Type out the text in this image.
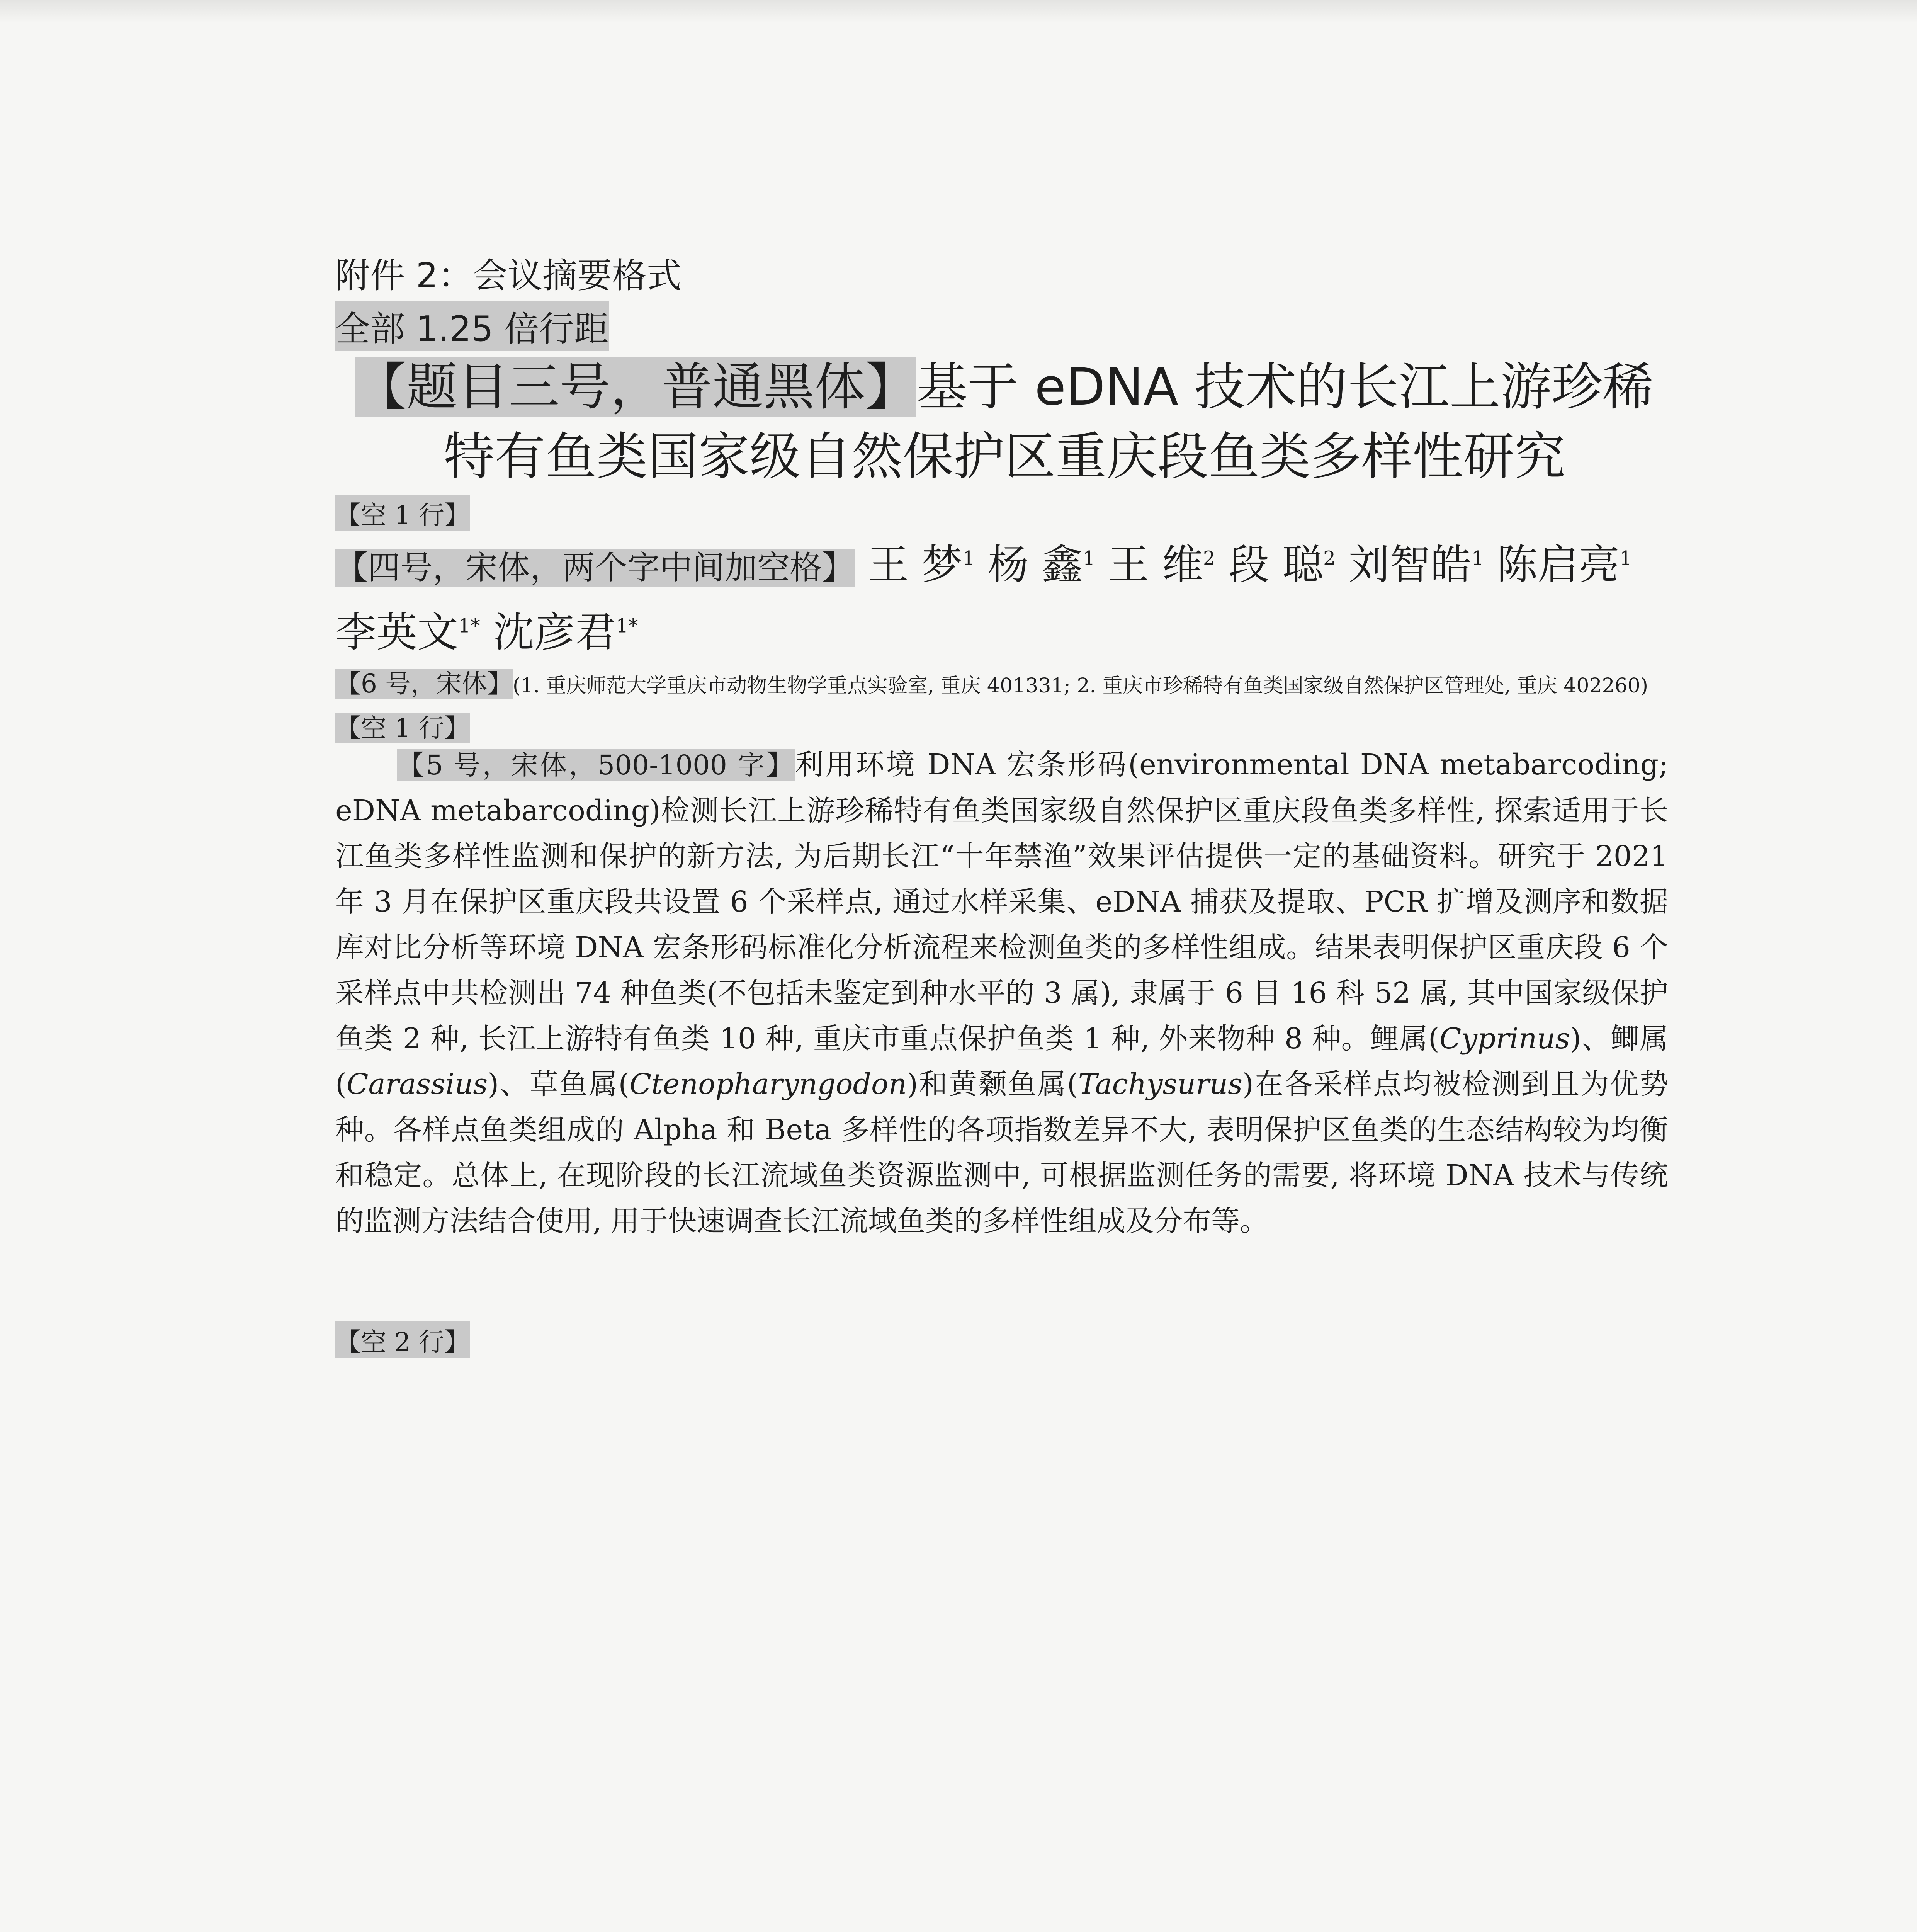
附件 2：会议摘要格式
全部 1.25 倍行距
【题目三号，普通黑体】基于 eDNA 技术的长江上游珍稀特有鱼类国家级自然保护区重庆段鱼类多样性研究
【空 1 行】
【四号，宋体，两个字中间加空格】 王 梦$^1$ 杨 鑫$^1$ 王 维$^2$ 段 聪$^2$ 刘智皓$^1$ 陈启亮$^1$ 李英文$^{1*}$ 沈彦君$^{1*}$
【6 号，宋体】(1. 重庆师范大学重庆市动物生物学重点实验室, 重庆 401331; 2. 重庆市珍稀特有鱼类国家级自然保护区管理处, 重庆 402260)【空 1 行】
【5 号，宋体，500-1000 字】利用环境 DNA 宏条形码(environmental DNA metabarcoding; eDNA metabarcoding)检测长江上游珍稀特有鱼类国家级自然保护区重庆段鱼类多样性, 探索适用于长江鱼类多样性监测和保护的新方法, 为后期长江“十年禁渔”效果评估提供一定的基础资料。研究于 2021 年 3 月在保护区重庆段共设置 6 个采样点, 通过水样采集、eDNA 捕获及提取、PCR 扩增及测序和数据库对比分析等环境 DNA 宏条形码标准化分析流程来检测鱼类的多样性组成。结果表明保护区重庆段 6 个采样点中共检测出 74 种鱼类(不包括未鉴定到种水平的 3 属), 隶属于 6 目 16 科 52 属, 其中国家级保护鱼类 2 种, 长江上游特有鱼类 10 种, 重庆市重点保护鱼类 1 种, 外来物种 8 种。鲤属(Cyprinus)、鲫属(Carassius)、草鱼属(Ctenopharyngodon)和黄颡鱼属(Tachysurus)在各采样点均被检测到且为优势种。各样点鱼类组成的 Alpha 和 Beta 多样性的各项指数差异不大, 表明保护区鱼类的生态结构较为均衡和稳定。总体上, 在现阶段的长江流域鱼类资源监测中, 可根据监测任务的需要, 将环境 DNA 技术与传统的监测方法结合使用, 用于快速调查长江流域鱼类的多样性组成及分布等。
【空 2 行】
